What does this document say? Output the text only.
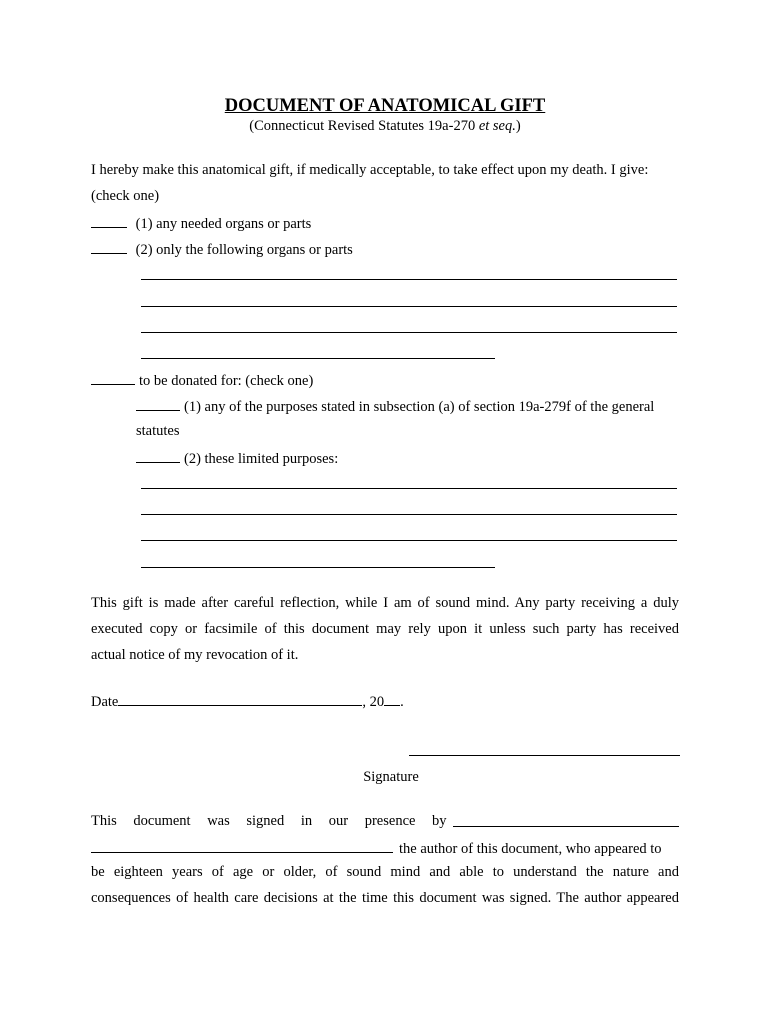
DOCUMENT OF ANATOMICAL GIFT
(Connecticut Revised Statutes 19a-270 et seq.)
I hereby make this anatomical gift, if medically acceptable, to take effect upon my death. I give:
(check one)
(1) any needed organs or parts
(2) only the following organs or parts
to be donated for: (check one)
(1) any of the purposes stated in subsection (a) of section 19a-279f of the general
statutes
(2) these limited purposes:
This gift is made after careful reflection, while I am of sound mind. Any party receiving a duly
executed copy or facsimile of this document may rely upon it unless such party has received
actual notice of my revocation of it.
Date	, 20 .
Signature
This document was signed in our presence by
the author of this document, who appeared to
be eighteen years of age or older, of sound mind and able to understand the nature and
consequences of health care decisions at the time this document was signed. The author appeared
